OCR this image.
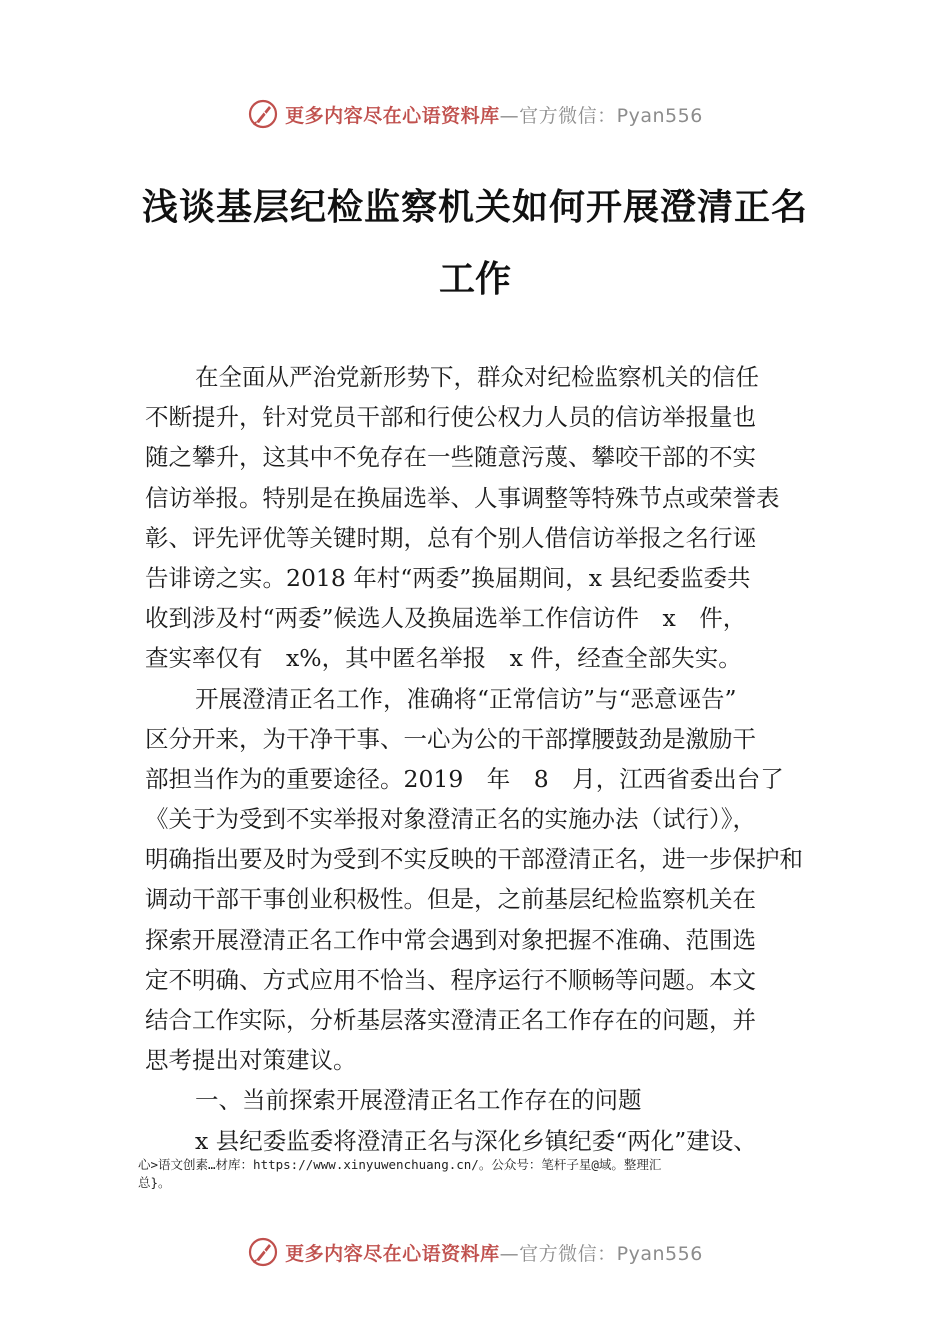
更多内容尽在心语资料库—官方微信：Pyan556
浅谈基层纪检监察机关如何开展澄清正名
工作
在全面从严治党新形势下，群众对纪检监察机关的信任
不断提升，针对党员干部和行使公权力人员的信访举报量也
随之攀升，这其中不免存在一些随意污蔑、攀咬干部的不实
信访举报。特别是在换届选举、人事调整等特殊节点或荣誉表
彰、评先评优等关键时期，总有个别人借信访举报之名行诬
告诽谤之实。2018 年村“两委”换届期间，x 县纪委监委共
收到涉及村“两委”候选人及换届选举工作信访件　x　件，
查实率仅有　x%，其中匿名举报　x 件，经查全部失实。
开展澄清正名工作，准确将“正常信访”与“恶意诬告”
区分开来，为干净干事、一心为公的干部撑腰鼓劲是激励干
部担当作为的重要途径。2019　年　8　月，江西省委出台了
《关于为受到不实举报对象澄清正名的实施办法（试行）》，
明确指出要及时为受到不实反映的干部澄清正名，进一步保护和
调动干部干事创业积极性。但是，之前基层纪检监察机关在
探索开展澄清正名工作中常会遇到对象把握不准确、范围选
定不明确、方式应用不恰当、程序运行不顺畅等问题。本文
结合工作实际，分析基层落实澄清正名工作存在的问题，并
思考提出对策建议。
一、当前探索开展澄清正名工作存在的问题
x 县纪委监委将澄清正名与深化乡镇纪委“两化”建设、
心>语文创素…材库：https://www.xinyuwenchuang.cn/。公众号：笔杆子星@域。整理汇
总}。
更多内容尽在心语资料库—官方微信：Pyan556
